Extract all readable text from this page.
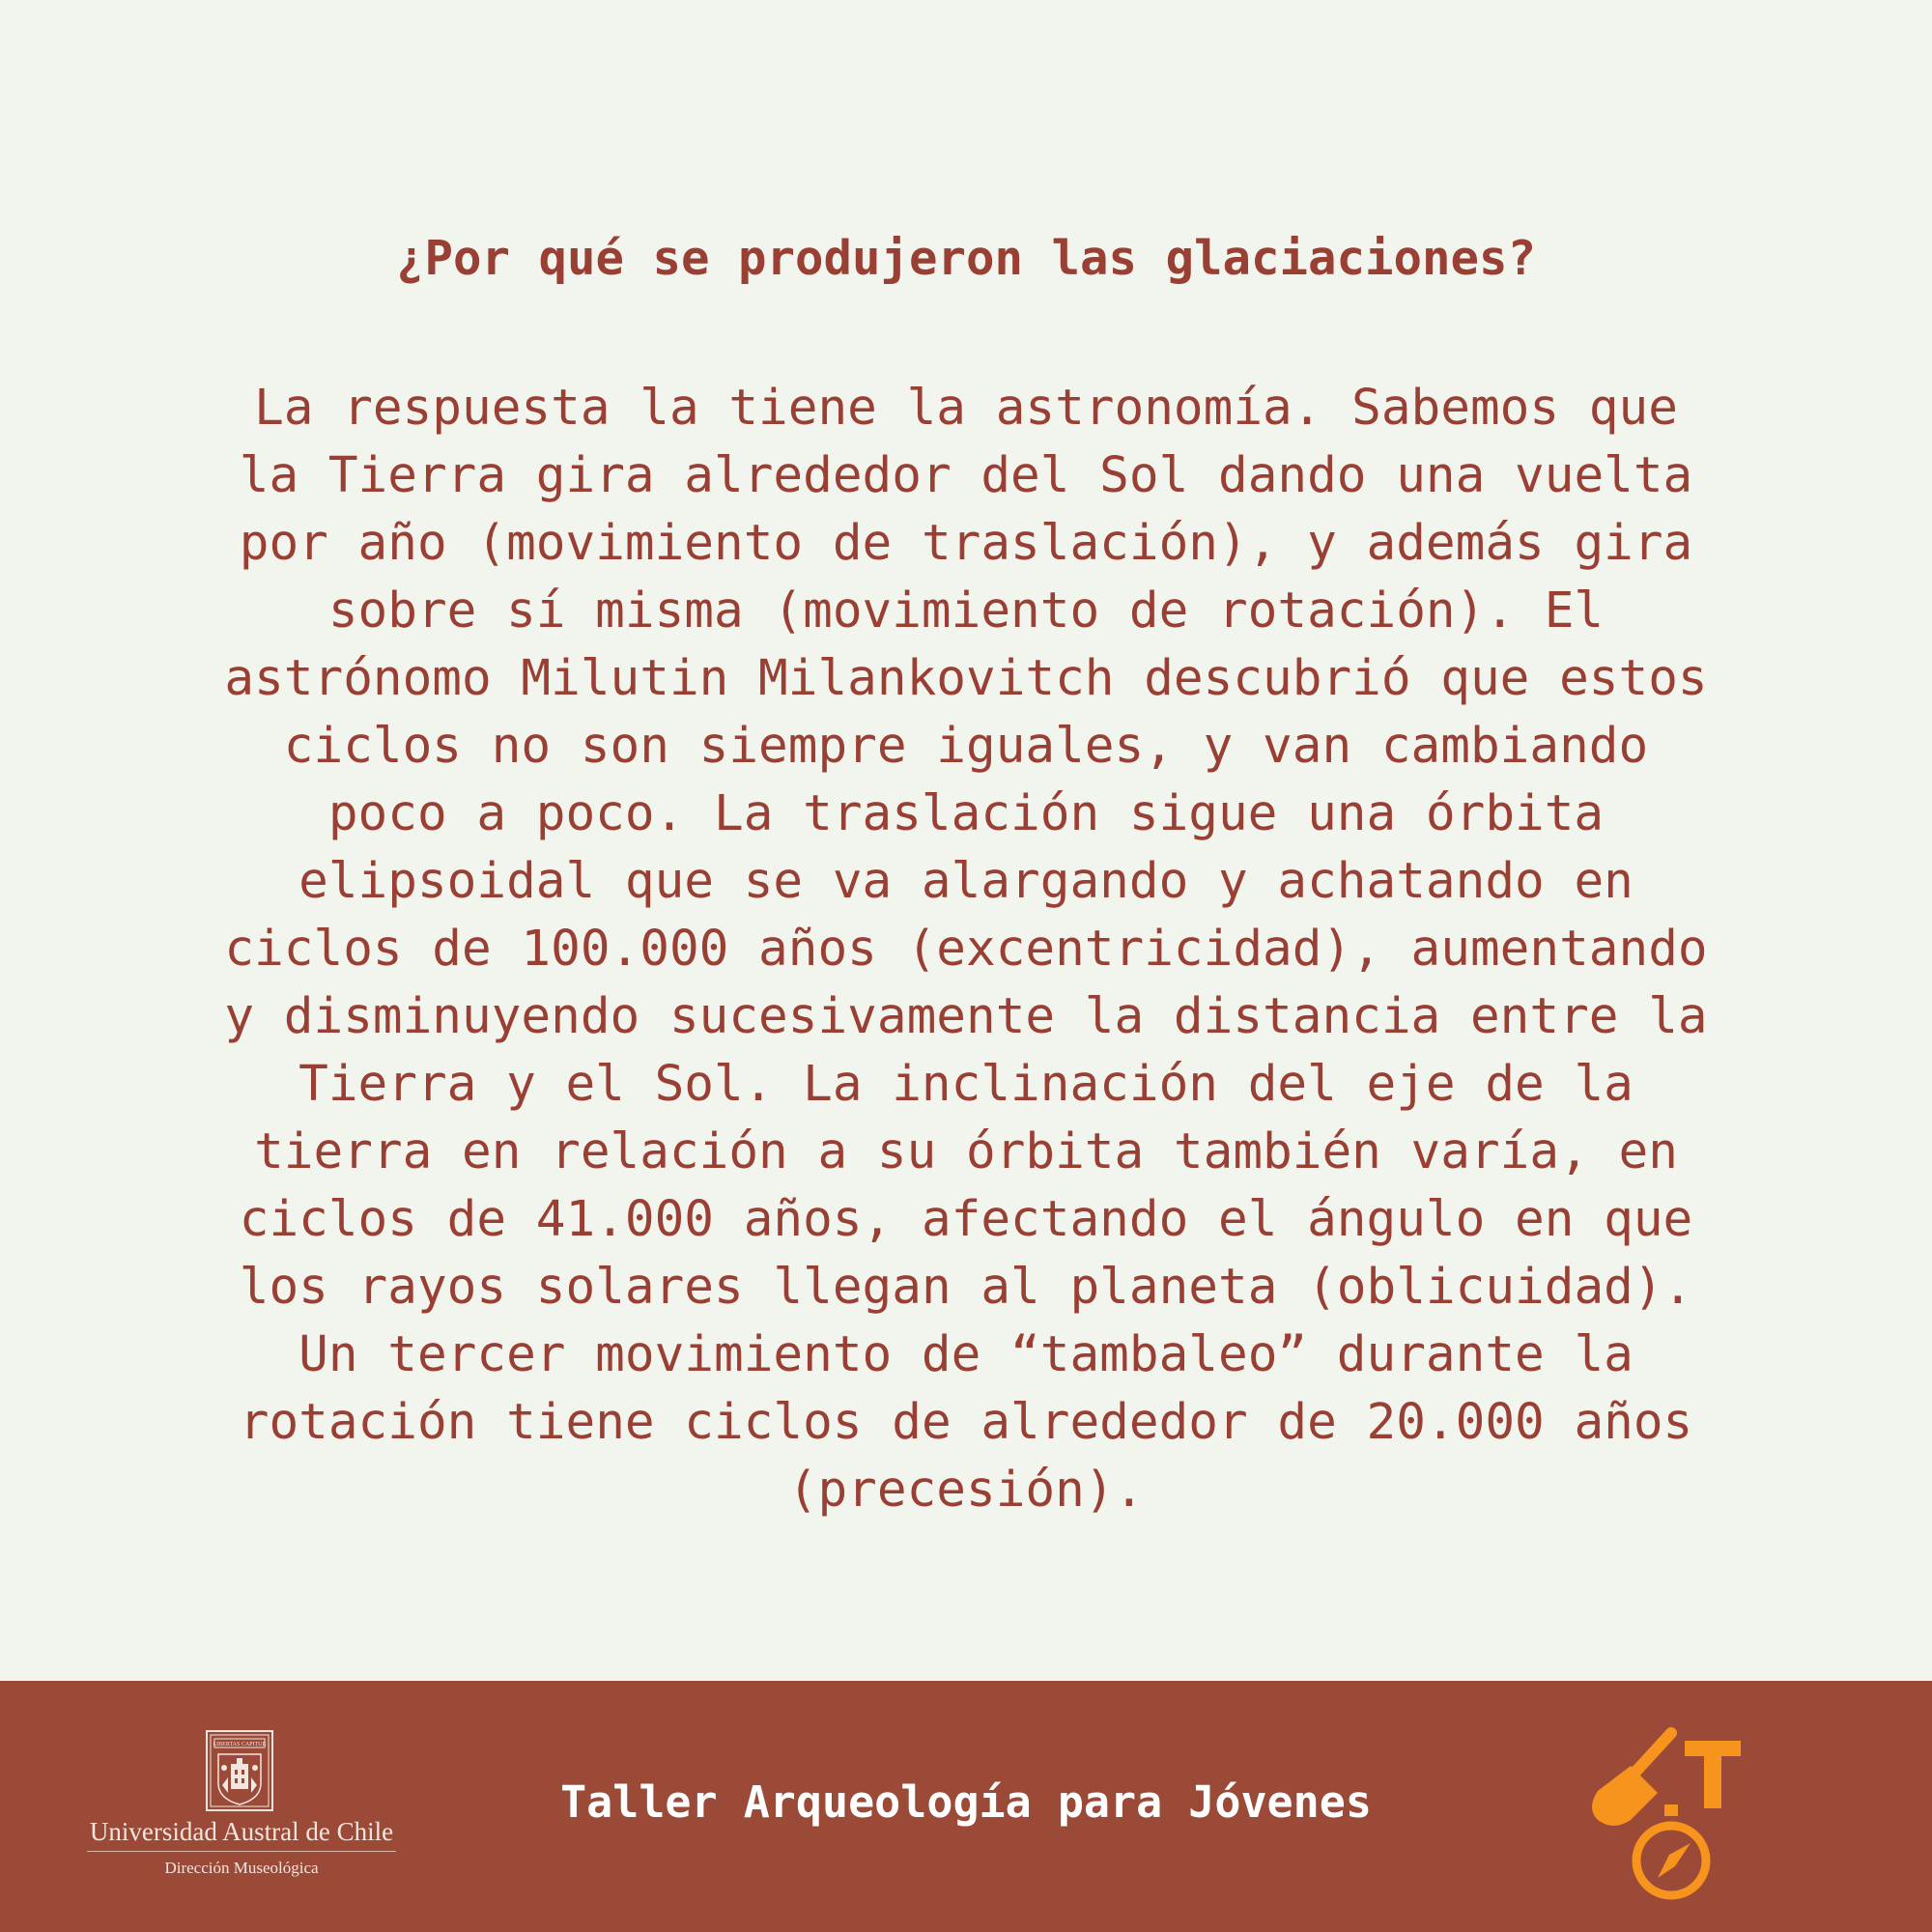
¿Por qué se produjeron las glaciaciones?
La respuesta la tiene la astronomía. Sabemos que
la Tierra gira alrededor del Sol dando una vuelta
por año (movimiento de traslación), y además gira
sobre sí misma (movimiento de rotación). El
astrónomo Milutin Milankovitch descubrió que estos
ciclos no son siempre iguales, y van cambiando
poco a poco. La traslación sigue una órbita
elipsoidal que se va alargando y achatando en
ciclos de 100.000 años (excentricidad), aumentando
y disminuyendo sucesivamente la distancia entre la
Tierra y el Sol. La inclinación del eje de la
tierra en relación a su órbita también varía, en
ciclos de 41.000 años, afectando el ángulo en que
los rayos solares llegan al planeta (oblicuidad).
Un tercer movimiento de “tambaleo” durante la
rotación tiene ciclos de alrededor de 20.000 años
(precesión).
LIBERTAS CAPITUR
Universidad Austral de Chile
Dirección Museológica
Taller Arqueología para Jóvenes
